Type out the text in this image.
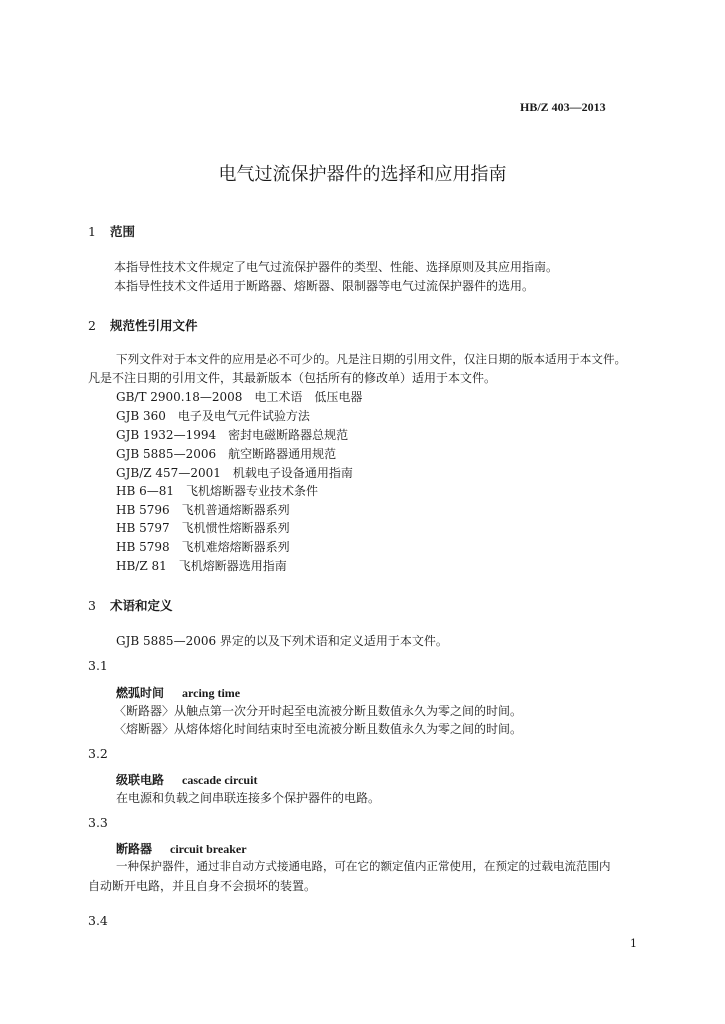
HB/Z 403—2013
电气过流保护器件的选择和应用指南
1 范围
本指导性技术文件规定了电气过流保护器件的类型、性能、选择原则及其应用指南。
本指导性技术文件适用于断路器、熔断器、限制器等电气过流保护器件的选用。
2 规范性引用文件
下列文件对于本文件的应用是必不可少的。凡是注日期的引用文件，仅注日期的版本适用于本文件。
凡是不注日期的引用文件，其最新版本（包括所有的修改单）适用于本文件。
GB/T 2900.18—2008　电工术语　低压电器
GJB 360　电子及电气元件试验方法
GJB 1932—1994　密封电磁断路器总规范
GJB 5885—2006　航空断路器通用规范
GJB/Z 457—2001　机载电子设备通用指南
HB 6—81　飞机熔断器专业技术条件
HB 5796　飞机普通熔断器系列
HB 5797　飞机惯性熔断器系列
HB 5798　飞机难熔熔断器系列
HB/Z 81　飞机熔断器选用指南
3 术语和定义
GJB 5885—2006 界定的以及下列术语和定义适用于本文件。
3.1
燃弧时间 arcing time
〈断路器〉从触点第一次分开时起至电流被分断且数值永久为零之间的时间。
〈熔断器〉从熔体熔化时间结束时至电流被分断且数值永久为零之间的时间。
3.2
级联电路 cascade circuit
在电源和负载之间串联连接多个保护器件的电路。
3.3
断路器 circuit breaker
一种保护器件，通过非自动方式接通电路，可在它的额定值内正常使用，在预定的过载电流范围内
自动断开电路，并且自身不会损坏的装置。
3.4
1
